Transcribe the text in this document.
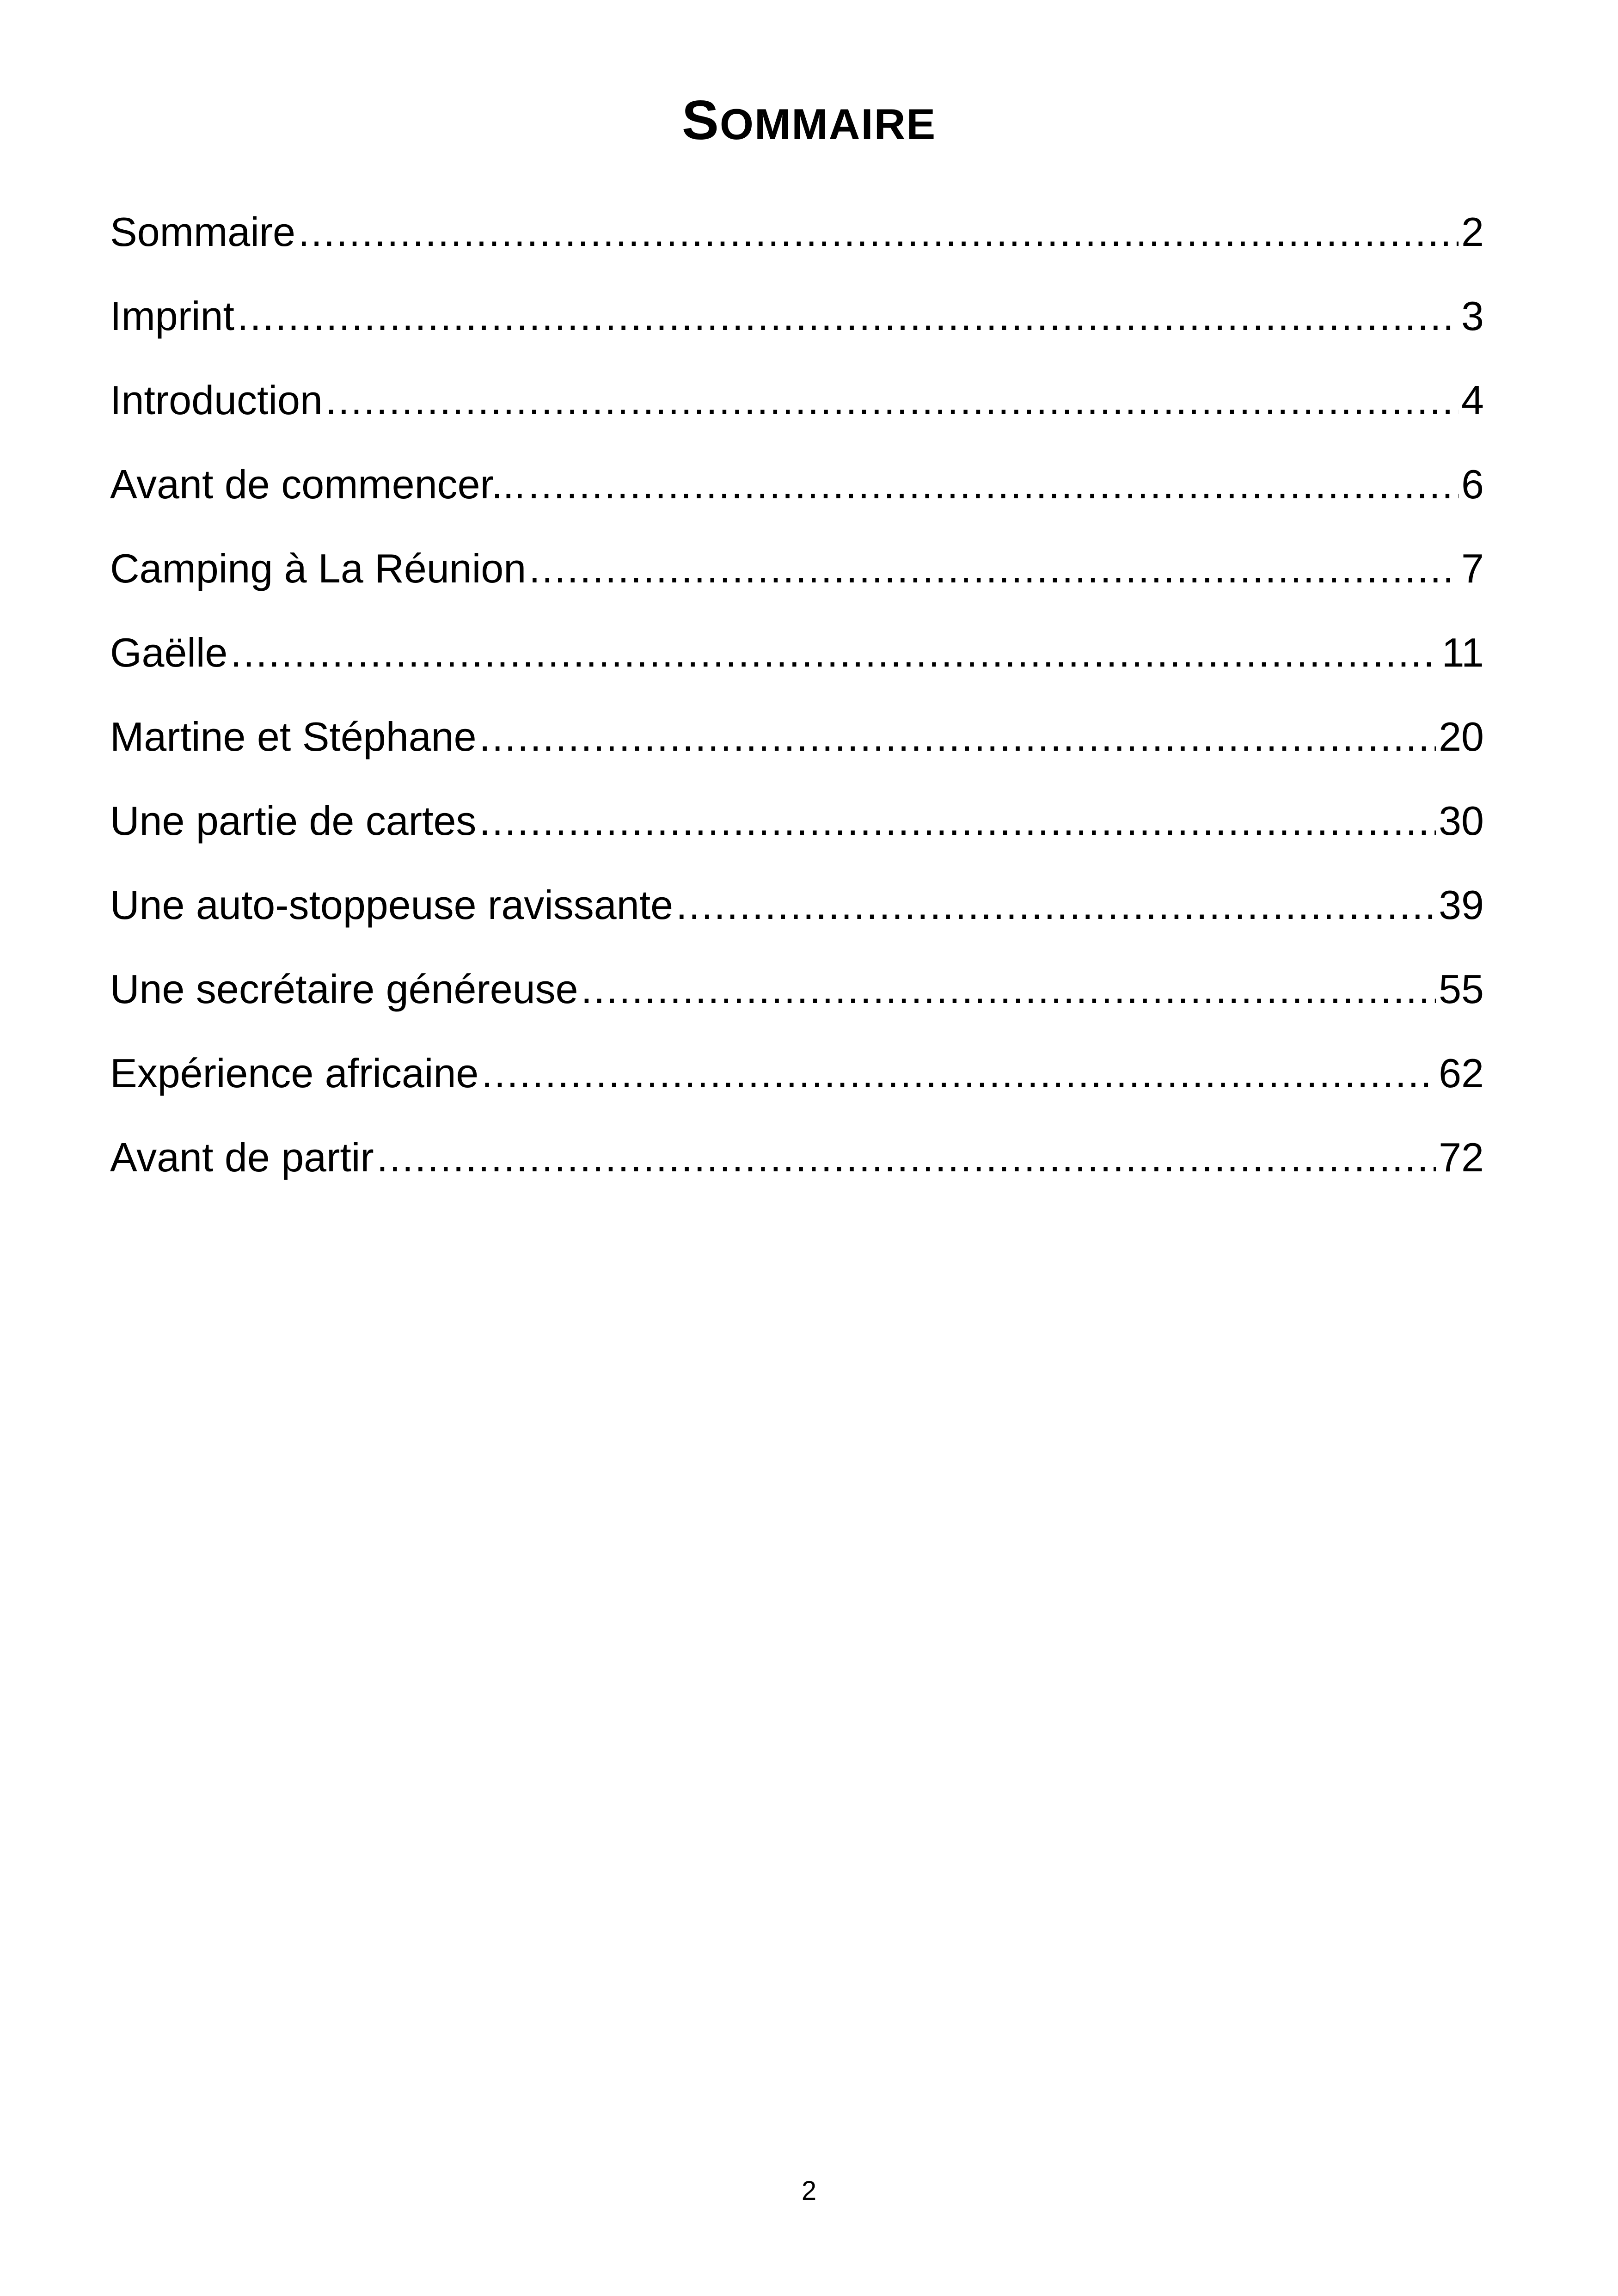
SOMMAIRE
Sommaire .....	2
Imprint .....	3
Introduction .....	4
Avant de commencer... .....	6
Camping à La Réunion .....	7
Gaëlle .....	11
Martine et Stéphane .....	20
Une partie de cartes .....	30
Une auto-stoppeuse ravissante .....	39
Une secrétaire généreuse .....	55
Expérience africaine .....	62
Avant de partir .....	72
2
